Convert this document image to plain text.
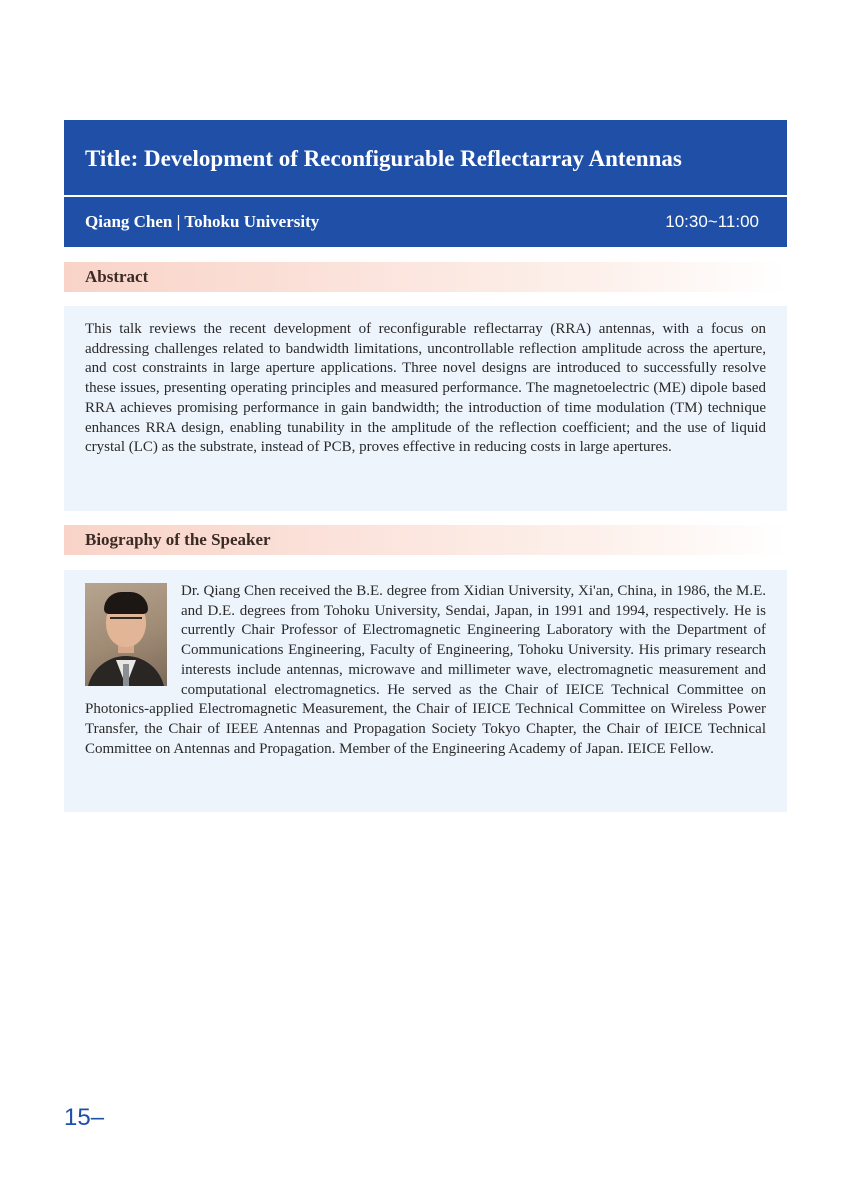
Title: Development of Reconfigurable Reflectarray Antennas
Qiang Chen | Tohoku University	10:30~11:00
Abstract
This talk reviews the recent development of reconfigurable reflectarray (RRA) antennas, with a focus on addressing challenges related to bandwidth limitations, uncontrollable reflection amplitude across the aperture, and cost constraints in large aperture applications. Three novel designs are introduced to successfully resolve these issues, presenting operating principles and measured performance. The magnetoelectric (ME) dipole based RRA achieves promising performance in gain bandwidth; the introduction of time modulation (TM) technique enhances RRA design, enabling tunability in the amplitude of the reflection coefficient; and the use of liquid crystal (LC) as the substrate, instead of PCB, proves effective in reducing costs in large apertures.
Biography of the Speaker
Dr. Qiang Chen received the B.E. degree from Xidian University, Xi'an, China, in 1986, the M.E. and D.E. degrees from Tohoku University, Sendai, Japan, in 1991 and 1994, respectively. He is currently Chair Professor of Electromagnetic Engineering Laboratory with the Department of Communications Engineering, Faculty of Engineering, Tohoku University. His primary research interests include antennas, microwave and millimeter wave, electromagnetic measurement and computational electromagnetics. He served as the Chair of IEICE Technical Committee on Photonics-applied Electromagnetic Measurement, the Chair of IEICE Technical Committee on Wireless Power Transfer, the Chair of IEEE Antennas and Propagation Society Tokyo Chapter, the Chair of IEICE Technical Committee on Antennas and Propagation. Member of the Engineering Academy of Japan. IEICE Fellow.
15–
